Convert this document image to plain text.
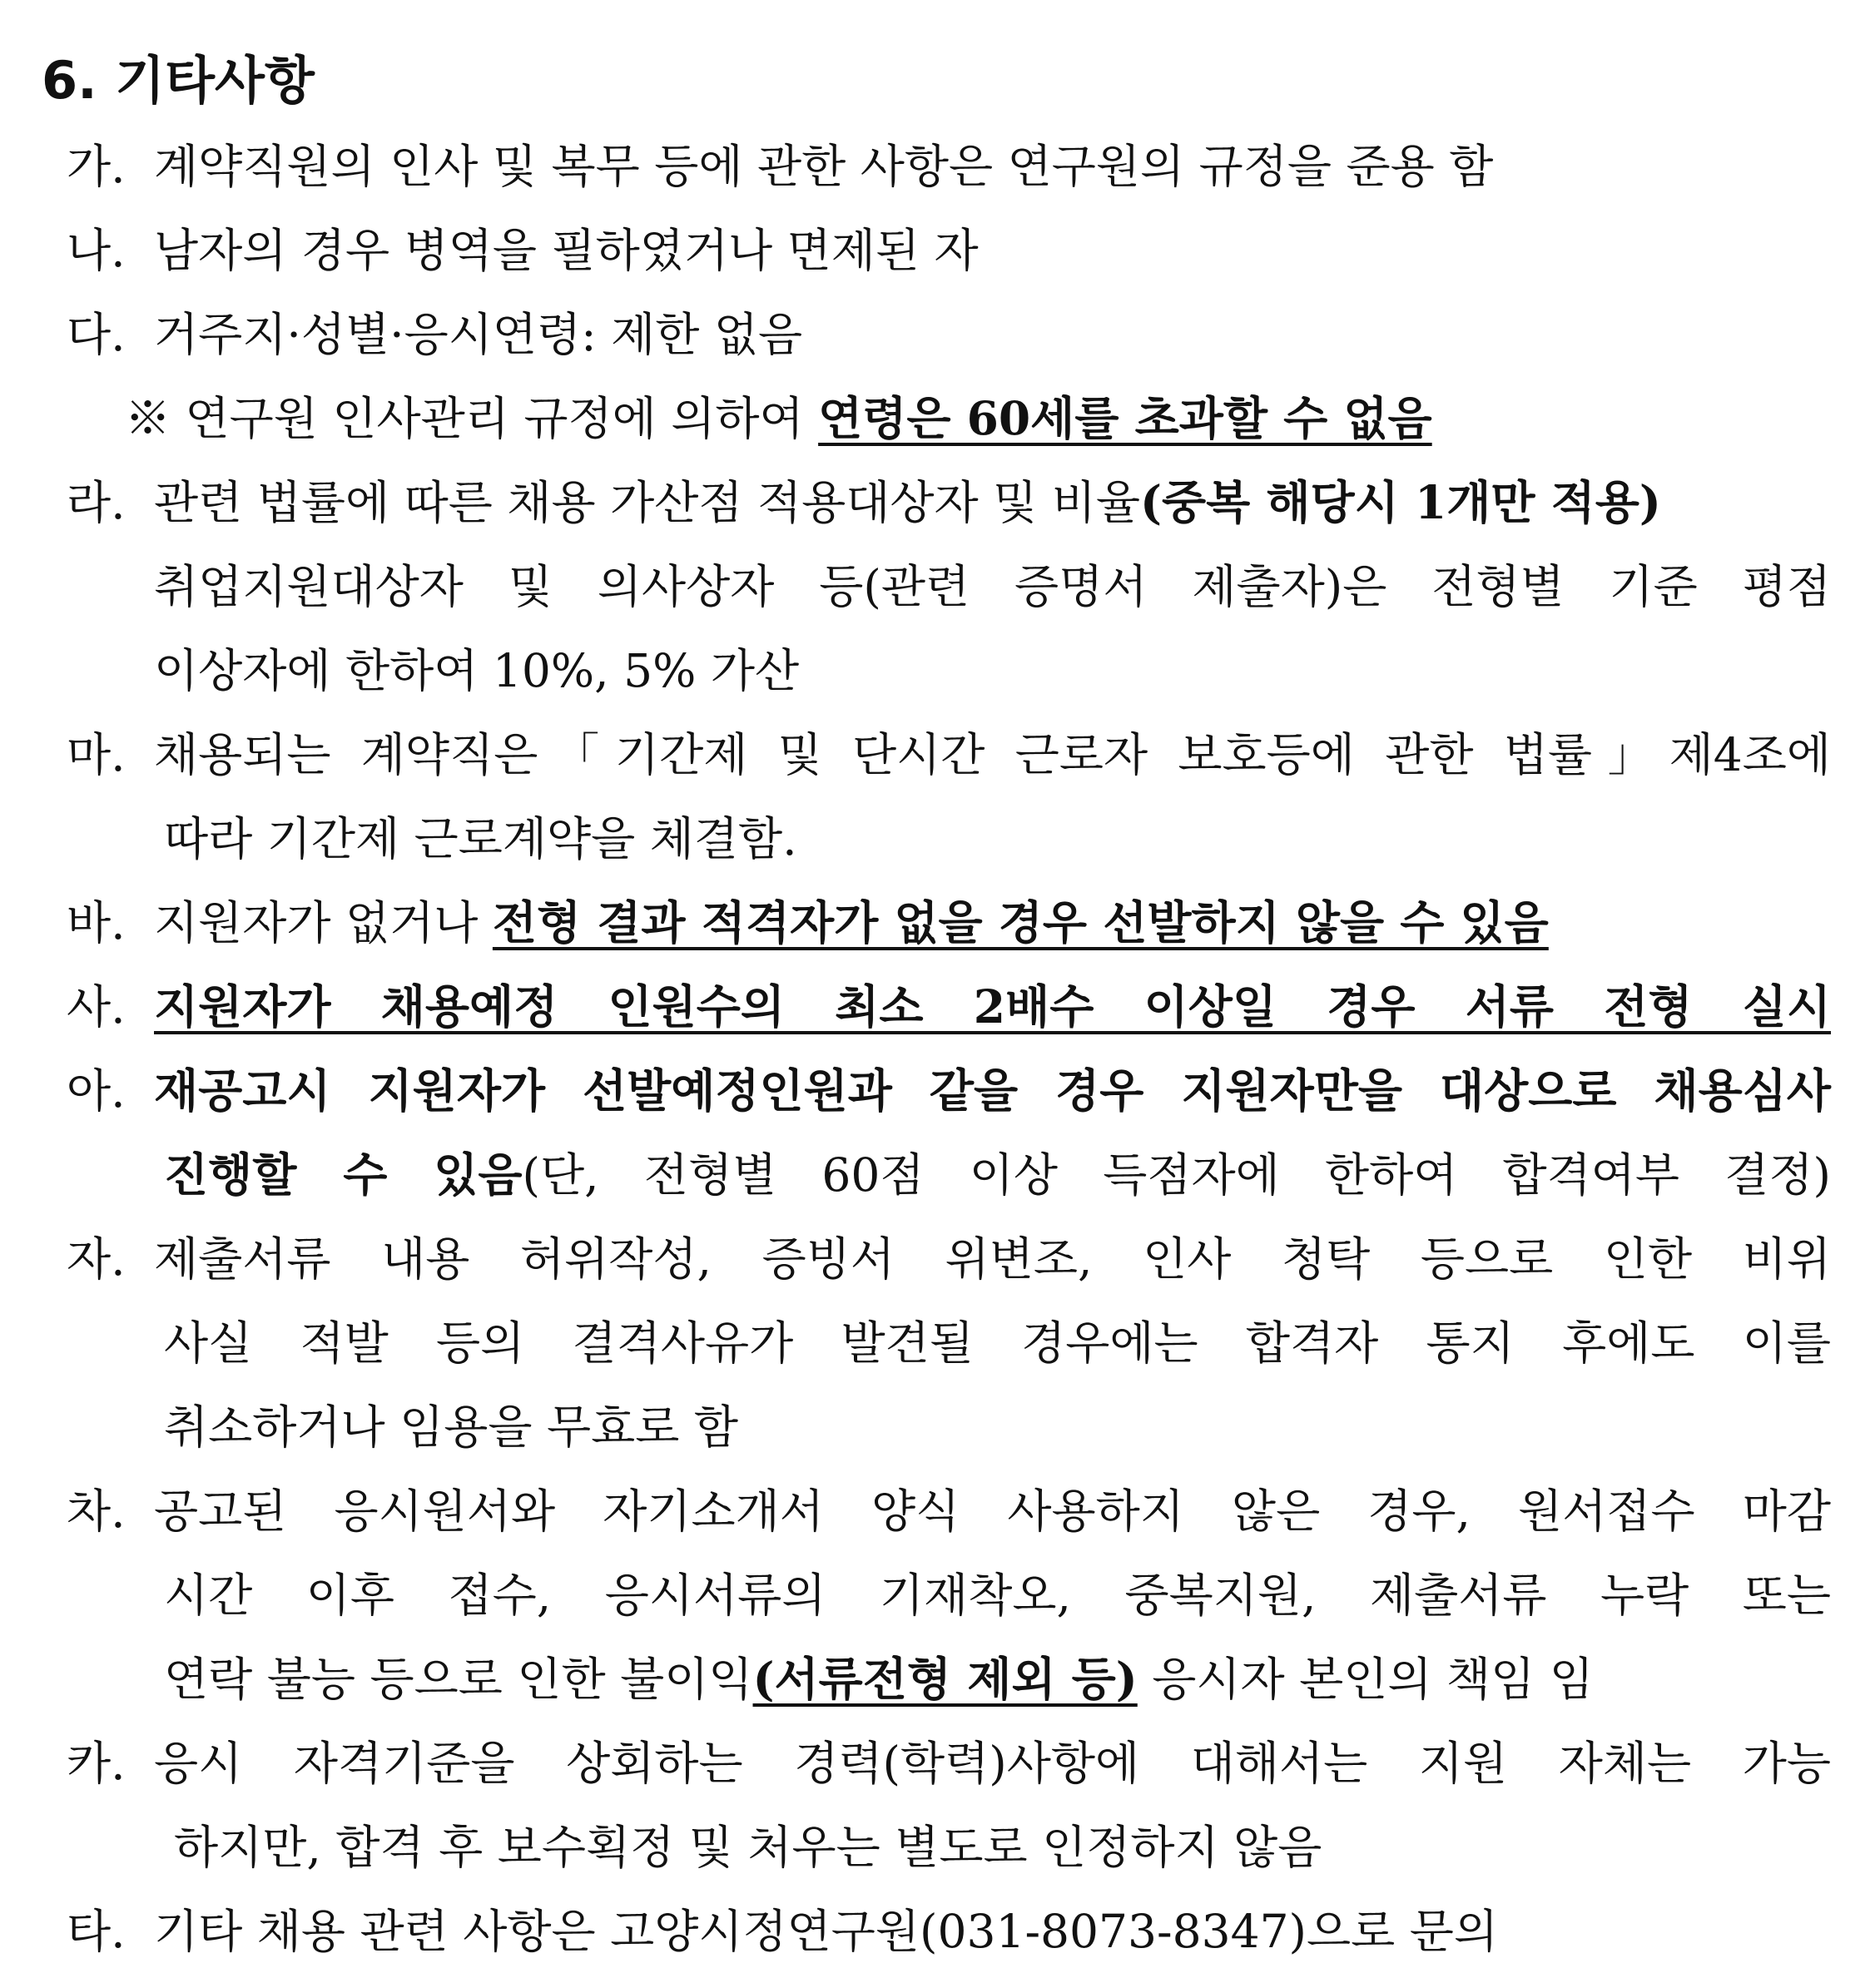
6. 기타사항
가. 계약직원의 인사 및 복무 등에 관한 사항은 연구원의 규정을 준용 함
나. 남자의 경우 병역을 필하였거나 면제된 자
다. 거주지·성별·응시연령: 제한 없음
※ 연구원 인사관리 규정에 의하여 연령은 60세를 초과할 수 없음
라. 관련 법률에 따른 채용 가산점 적용대상자 및 비율(중복 해당시 1개만 적용)
취업지원대상자 및 의사상자 등(관련 증명서 제출자)은 전형별 기준 평점
이상자에 한하여 10%, 5% 가산
마. 채용되는 계약직은「기간제 및 단시간 근로자 보호등에 관한 법률」제4조에
따라 기간제 근로계약을 체결함.
바. 지원자가 없거나 전형 결과 적격자가 없을 경우 선발하지 않을 수 있음
사. 지원자가 채용예정 인원수의 최소 2배수 이상일 경우 서류 전형 실시
아. 재공고시 지원자가 선발예정인원과 같을 경우 지원자만을 대상으로 채용심사
진행할 수 있음(단, 전형별 60점 이상 득점자에 한하여 합격여부 결정)
자. 제출서류 내용 허위작성, 증빙서 위변조, 인사 청탁 등으로 인한 비위
사실 적발 등의 결격사유가 발견될 경우에는 합격자 통지 후에도 이를
취소하거나 임용을 무효로 함
차. 공고된 응시원서와 자기소개서 양식 사용하지 않은 경우, 원서접수 마감
시간 이후 접수, 응시서류의 기재착오, 중복지원, 제출서류 누락 또는
연락 불능 등으로 인한 불이익(서류전형 제외 등) 응시자 본인의 책임 임
카. 응시 자격기준을 상회하는 경력(학력)사항에 대해서는 지원 자체는 가능
하지만, 합격 후 보수획정 및 처우는 별도로 인정하지 않음
타. 기타 채용 관련 사항은 고양시정연구원(031-8073-8347)으로 문의
